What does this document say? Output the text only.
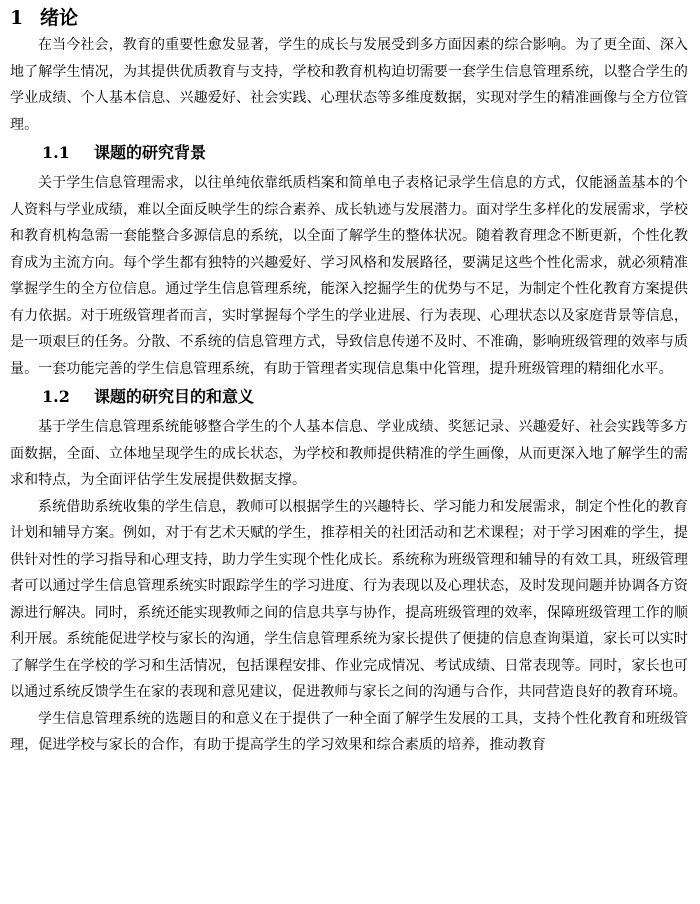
1 绪论

在当今社会，教育的重要性愈发显著，学生的成长与发展受到多方面因素的综合影响。为了更全面、深入地了解学生情况，为其提供优质教育与支持，学校和教育机构迫切需要一套学生信息管理系统，以整合学生的学业成绩、个人基本信息、兴趣爱好、社会实践、心理状态等多维度数据，实现对学生的精准画像与全方位管理。

1.1 课题的研究背景

关于学生信息管理需求，以往单纯依靠纸质档案和简单电子表格记录学生信息的方式，仅能涵盖基本的个人资料与学业成绩，难以全面反映学生的综合素养、成长轨迹与发展潜力。面对学生多样化的发展需求，学校和教育机构急需一套能整合多源信息的系统，以全面了解学生的整体状况。随着教育理念不断更新，个性化教育成为主流方向。每个学生都有独特的兴趣爱好、学习风格和发展路径，要满足这些个性化需求，就必须精准掌握学生的全方位信息。通过学生信息管理系统，能深入挖掘学生的优势与不足，为制定个性化教育方案提供有力依据。对于班级管理者而言，实时掌握每个学生的学业进展、行为表现、心理状态以及家庭背景等信息，是一项艰巨的任务。分散、不系统的信息管理方式，导致信息传递不及时、不准确，影响班级管理的效率与质量。一套功能完善的学生信息管理系统，有助于管理者实现信息集中化管理，提升班级管理的精细化水平。

1.2 课题的研究目的和意义

基于学生信息管理系统能够整合学生的个人基本信息、学业成绩、奖惩记录、兴趣爱好、社会实践等多方面数据，全面、立体地呈现学生的成长状态，为学校和教师提供精准的学生画像，从而更深入地了解学生的需求和特点，为全面评估学生发展提供数据支撑。

系统借助系统收集的学生信息，教师可以根据学生的兴趣特长、学习能力和发展需求，制定个性化的教育计划和辅导方案。例如，对于有艺术天赋的学生，推荐相关的社团活动和艺术课程；对于学习困难的学生，提供针对性的学习指导和心理支持，助力学生实现个性化成长。系统称为班级管理和辅导的有效工具，班级管理者可以通过学生信息管理系统实时跟踪学生的学习进度、行为表现以及心理状态，及时发现问题并协调各方资源进行解决。同时，系统还能实现教师之间的信息共享与协作，提高班级管理的效率，保障班级管理工作的顺利开展。系统能促进学校与家长的沟通，学生信息管理系统为家长提供了便捷的信息查询渠道，家长可以实时了解学生在学校的学习和生活情况，包括课程安排、作业完成情况、考试成绩、日常表现等。同时，家长也可以通过系统反馈学生在家的表现和意见建议，促进教师与家长之间的沟通与合作，共同营造良好的教育环境。

学生信息管理系统的选题目的和意义在于提供了一种全面了解学生发展的工具，支持个性化教育和班级管理，促进学校与家长的合作，有助于提高学生的学习效果和综合素质的培养，推动教育
